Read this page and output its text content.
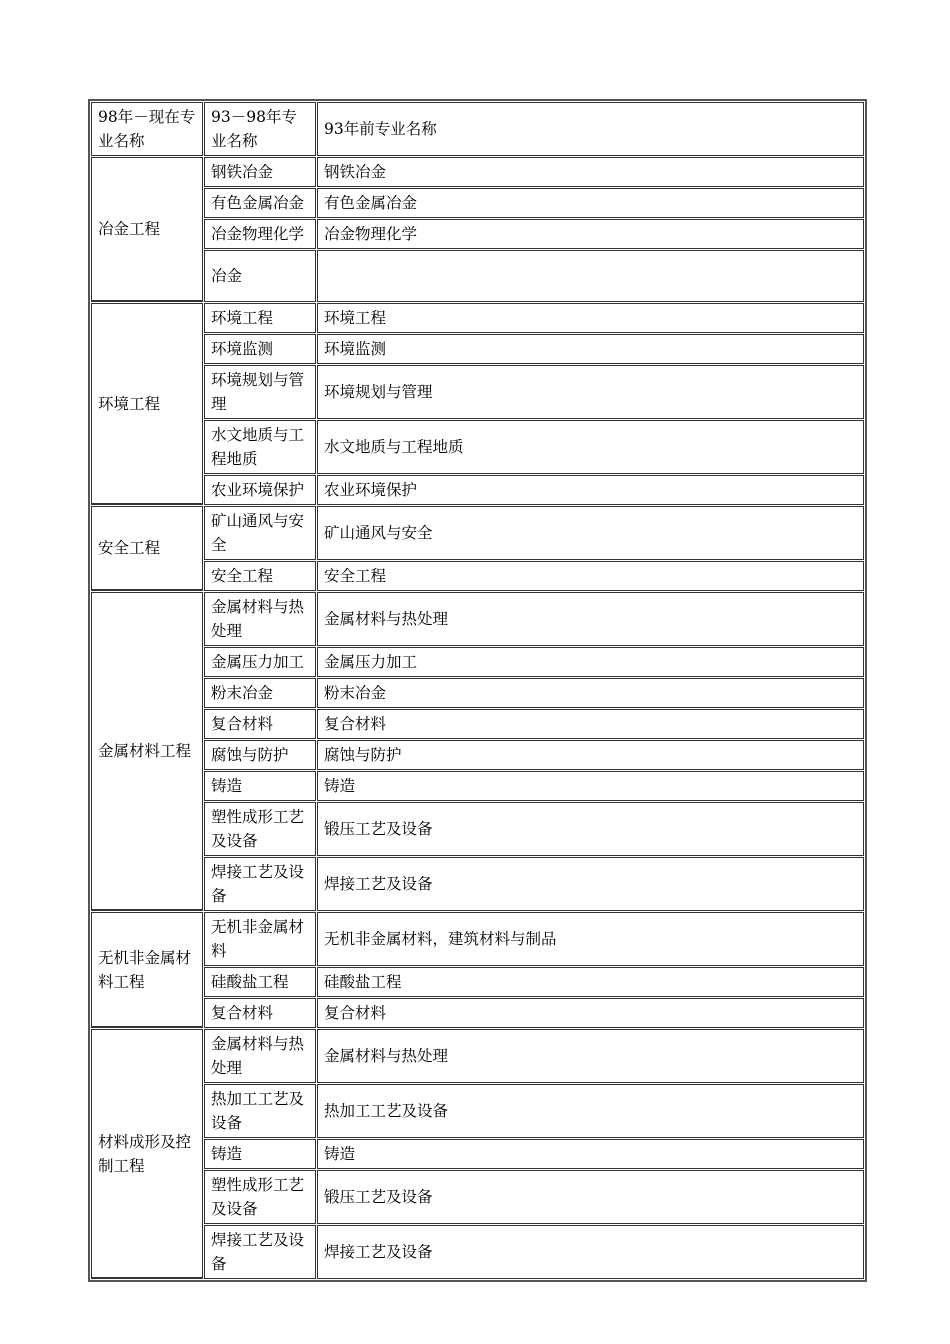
98年－现在专业名称	93－98年专业名称	93年前专业名称
冶金工程	钢铁冶金	钢铁冶金
	有色金属冶金	有色金属冶金
	冶金物理化学	冶金物理化学
	冶金	
环境工程	环境工程	环境工程
	环境监测	环境监测
	环境规划与管理	环境规划与管理
	水文地质与工程地质	水文地质与工程地质
	农业环境保护	农业环境保护
安全工程	矿山通风与安全	矿山通风与安全
	安全工程	安全工程
金属材料工程	金属材料与热处理	金属材料与热处理
	金属压力加工	金属压力加工
	粉末冶金	粉末冶金
	复合材料	复合材料
	腐蚀与防护	腐蚀与防护
	铸造	铸造
	塑性成形工艺及设备	锻压工艺及设备
	焊接工艺及设备	焊接工艺及设备
无机非金属材料工程	无机非金属材料	无机非金属材料，建筑材料与制品
	硅酸盐工程	硅酸盐工程
	复合材料	复合材料
材料成形及控制工程	金属材料与热处理	金属材料与热处理
	热加工工艺及设备	热加工工艺及设备
	铸造	铸造
	塑性成形工艺及设备	锻压工艺及设备
	焊接工艺及设备	焊接工艺及设备
